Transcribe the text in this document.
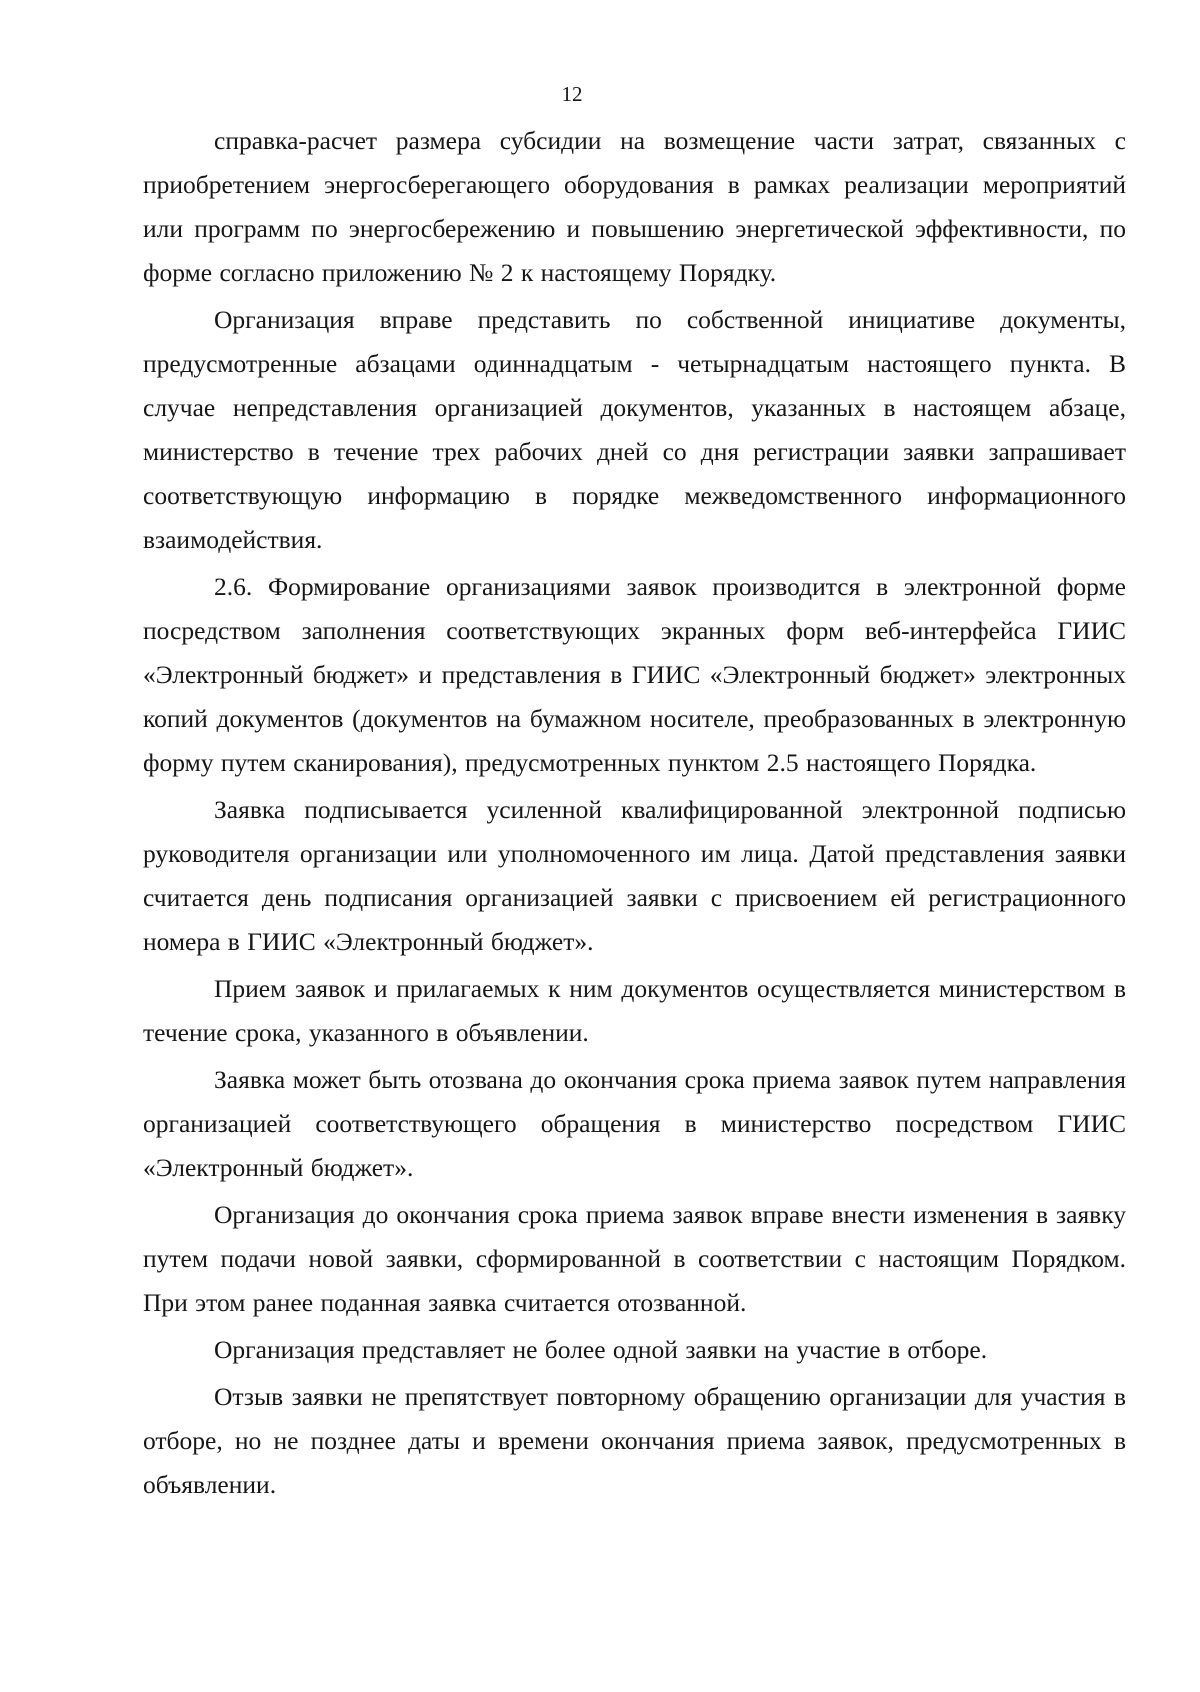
12

справка-расчет размера субсидии на возмещение части затрат, связанных с приобретением энергосберегающего оборудования в рамках реализации мероприятий или программ по энергосбережению и повышению энергетической эффективности, по форме согласно приложению № 2 к настоящему Порядку.

Организация вправе представить по собственной инициативе документы, предусмотренные абзацами одиннадцатым - четырнадцатым настоящего пункта. В случае непредставления организацией документов, указанных в настоящем абзаце, министерство в течение трех рабочих дней со дня регистрации заявки запрашивает соответствующую информацию в порядке межведомственного информационного взаимодействия.

2.6. Формирование организациями заявок производится в электронной форме посредством заполнения соответствующих экранных форм веб-интерфейса ГИИС «Электронный бюджет» и представления в ГИИС «Электронный бюджет» электронных копий документов (документов на бумажном носителе, преобразованных в электронную форму путем сканирования), предусмотренных пунктом 2.5 настоящего Порядка.

Заявка подписывается усиленной квалифицированной электронной подписью руководителя организации или уполномоченного им лица. Датой представления заявки считается день подписания организацией заявки с присвоением ей регистрационного номера в ГИИС «Электронный бюджет».

Прием заявок и прилагаемых к ним документов осуществляется министерством в течение срока, указанного в объявлении.

Заявка может быть отозвана до окончания срока приема заявок путем направления организацией соответствующего обращения в министерство посредством ГИИС «Электронный бюджет».

Организация до окончания срока приема заявок вправе внести изменения в заявку путем подачи новой заявки, сформированной в соответствии с настоящим Порядком. При этом ранее поданная заявка считается отозванной.

Организация представляет не более одной заявки на участие в отборе.

Отзыв заявки не препятствует повторному обращению организации для участия в отборе, но не позднее даты и времени окончания приема заявок, предусмотренных в объявлении.
